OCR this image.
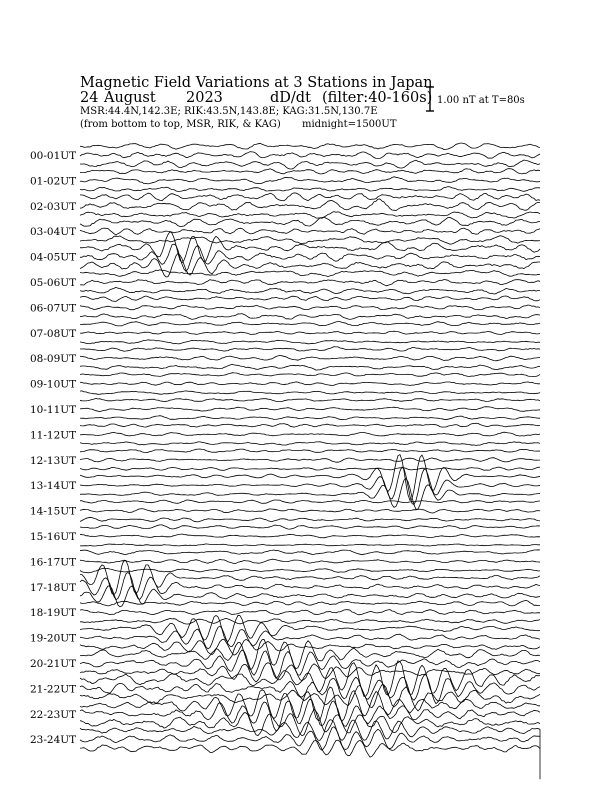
Magnetic Field Variations at 3 Stations in Japan
24 August 2023	dD/dt (filter:40-160s)
MSR:44.4N,142.3E; RIK:43.5N,143.8E; KAG:31.5N,130.7E
(from bottom to top, MSR, RIK, & KAG) midnight=1500UT
1.00 nT at T=80s
00-01UT
01-02UT
02-03UT
03-04UT
04-05UT
05-06UT
06-07UT
07-08UT
08-09UT
09-10UT
10-11UT
11-12UT
12-13UT
13-14UT
14-15UT
15-16UT
16-17UT
17-18UT
18-19UT
19-20UT
20-21UT
21-22UT
22-23UT
23-24UT
